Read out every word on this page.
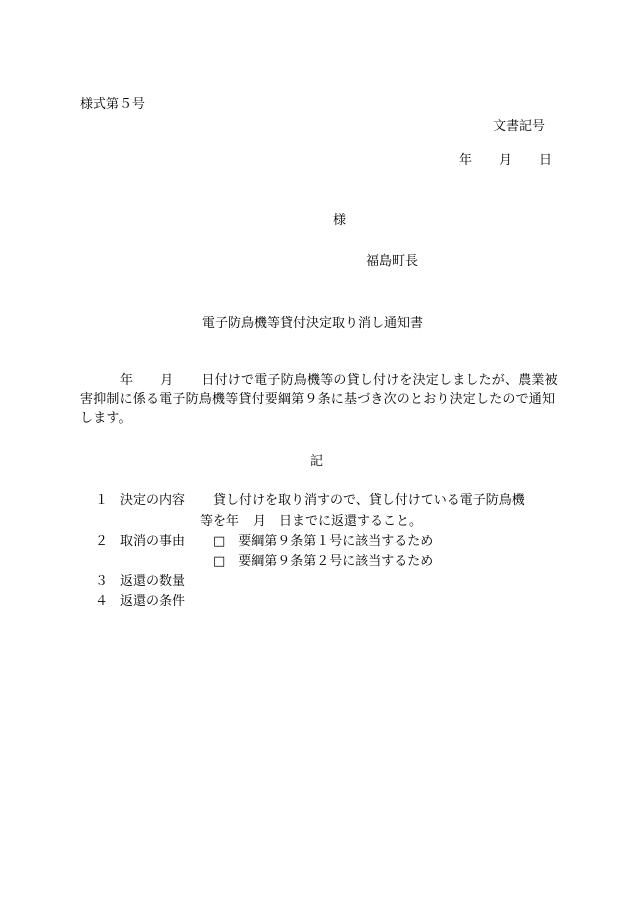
様式第５号
文書記号
年 月 日
様
福島町長
電子防鳥機等貸付決定取り消し通知書
年 月 日付けで電子防鳥機等の貸し付けを決定しましたが、農業被害抑制に係る電子防鳥機等貸付要綱第９条に基づき次のとおり決定したので通知します。
記
１ 決定の内容 貸し付けを取り消すので、貸し付けている電子防鳥機
等を年 月 日までに返還すること。
２ 取消の事由 □ 要綱第９条第１号に該当するため
□ 要綱第９条第２号に該当するため
３ 返還の数量
４ 返還の条件
